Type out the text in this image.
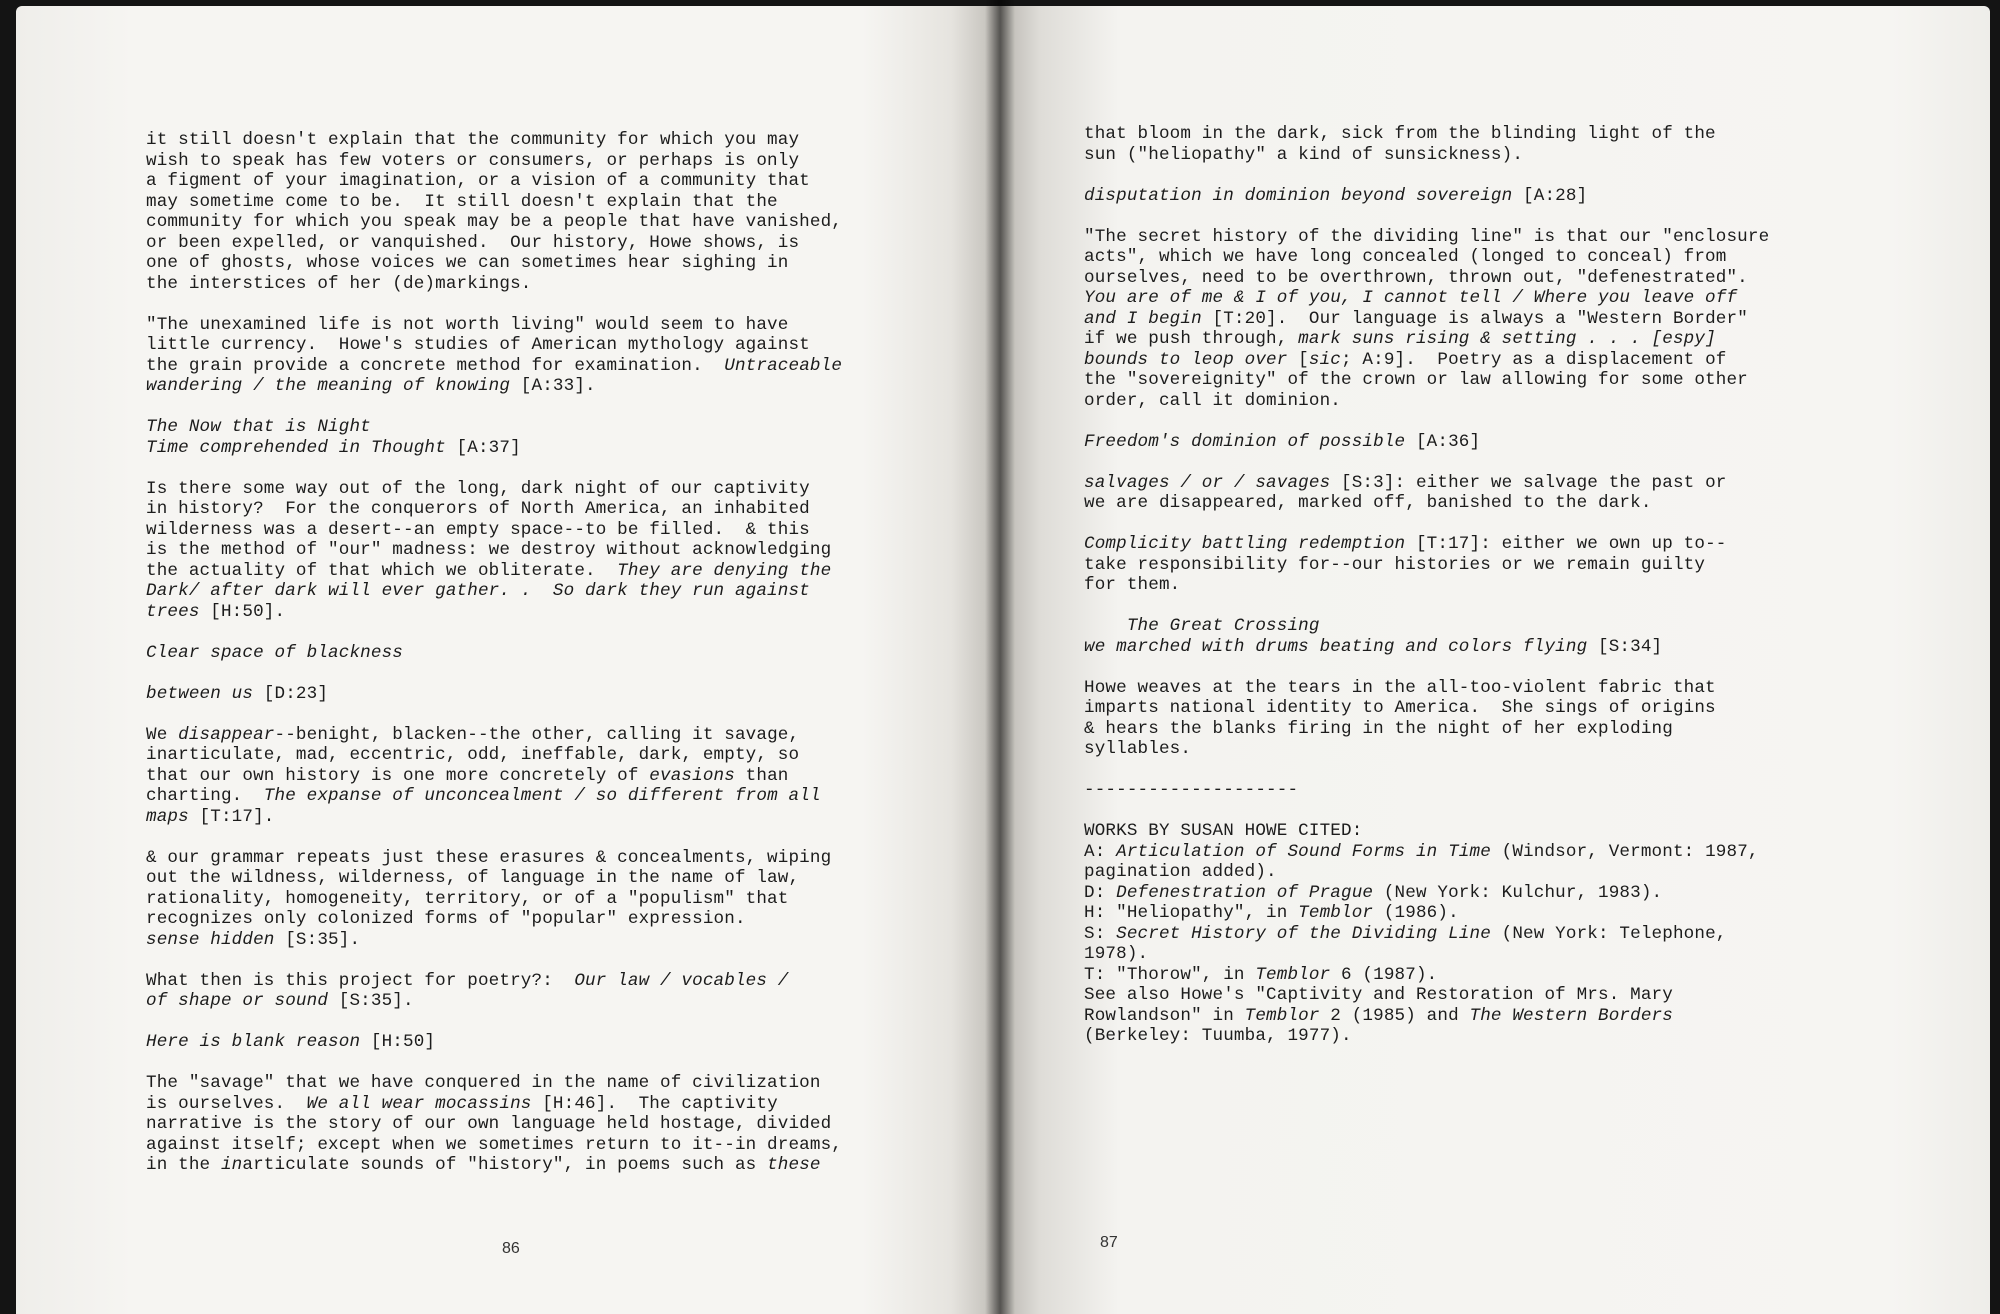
it still doesn't explain that the community for which you may
wish to speak has few voters or consumers, or perhaps is only
a figment of your imagination, or a vision of a community that
may sometime come to be.  It still doesn't explain that the
community for which you speak may be a people that have vanished,
or been expelled, or vanquished.  Our history, Howe shows, is
one of ghosts, whose voices we can sometimes hear sighing in
the interstices of her (de)markings.
"The unexamined life is not worth living" would seem to have
little currency.  Howe's studies of American mythology against
the grain provide a concrete method for examination.  Untraceable
wandering / the meaning of knowing [A:33].
The Now that is Night
Time comprehended in Thought [A:37]
Is there some way out of the long, dark night of our captivity
in history?  For the conquerors of North America, an inhabited
wilderness was a desert--an empty space--to be filled.  & this
is the method of "our" madness: we destroy without acknowledging
the actuality of that which we obliterate.  They are denying the
Dark/ after dark will ever gather. .  So dark they run against
trees [H:50].
Clear space of blackness
between us [D:23]
We disappear--benight, blacken--the other, calling it savage,
inarticulate, mad, eccentric, odd, ineffable, dark, empty, so
that our own history is one more concretely of evasions than
charting.  The expanse of unconcealment / so different from all
maps [T:17].
& our grammar repeats just these erasures & concealments, wiping
out the wildness, wilderness, of language in the name of law,
rationality, homogeneity, territory, or of a "populism" that
recognizes only colonized forms of "popular" expression.
sense hidden [S:35].
What then is this project for poetry?:  Our law / vocables /
of shape or sound [S:35].
Here is blank reason [H:50]
The "savage" that we have conquered in the name of civilization
is ourselves.  We all wear mocassins [H:46].  The captivity
narrative is the story of our own language held hostage, divided
against itself; except when we sometimes return to it--in dreams,
in the inarticulate sounds of "history", in poems such as these
86
that bloom in the dark, sick from the blinding light of the
sun ("heliopathy" a kind of sunsickness).
disputation in dominion beyond sovereign [A:28]
"The secret history of the dividing line" is that our "enclosure
acts", which we have long concealed (longed to conceal) from
ourselves, need to be overthrown, thrown out, "defenestrated".
You are of me & I of you, I cannot tell / Where you leave off
and I begin [T:20].  Our language is always a "Western Border"
if we push through, mark suns rising & setting . . . [espy]
bounds to leop over [sic; A:9].  Poetry as a displacement of
the "sovereignity" of the crown or law allowing for some other
order, call it dominion.
Freedom's dominion of possible [A:36]
salvages / or / savages [S:3]: either we salvage the past or
we are disappeared, marked off, banished to the dark.
Complicity battling redemption [T:17]: either we own up to--
take responsibility for--our histories or we remain guilty
for them.
The Great Crossing
we marched with drums beating and colors flying [S:34]
Howe weaves at the tears in the all-too-violent fabric that
imparts national identity to America.  She sings of origins
& hears the blanks firing in the night of her exploding
syllables.
--------------------
WORKS BY SUSAN HOWE CITED:
A: Articulation of Sound Forms in Time (Windsor, Vermont: 1987,
pagination added).
D: Defenestration of Prague (New York: Kulchur, 1983).
H: "Heliopathy", in Temblor (1986).
S: Secret History of the Dividing Line (New York: Telephone,
1978).
T: "Thorow", in Temblor 6 (1987).
See also Howe's "Captivity and Restoration of Mrs. Mary
Rowlandson" in Temblor 2 (1985) and The Western Borders
(Berkeley: Tuumba, 1977).
87
